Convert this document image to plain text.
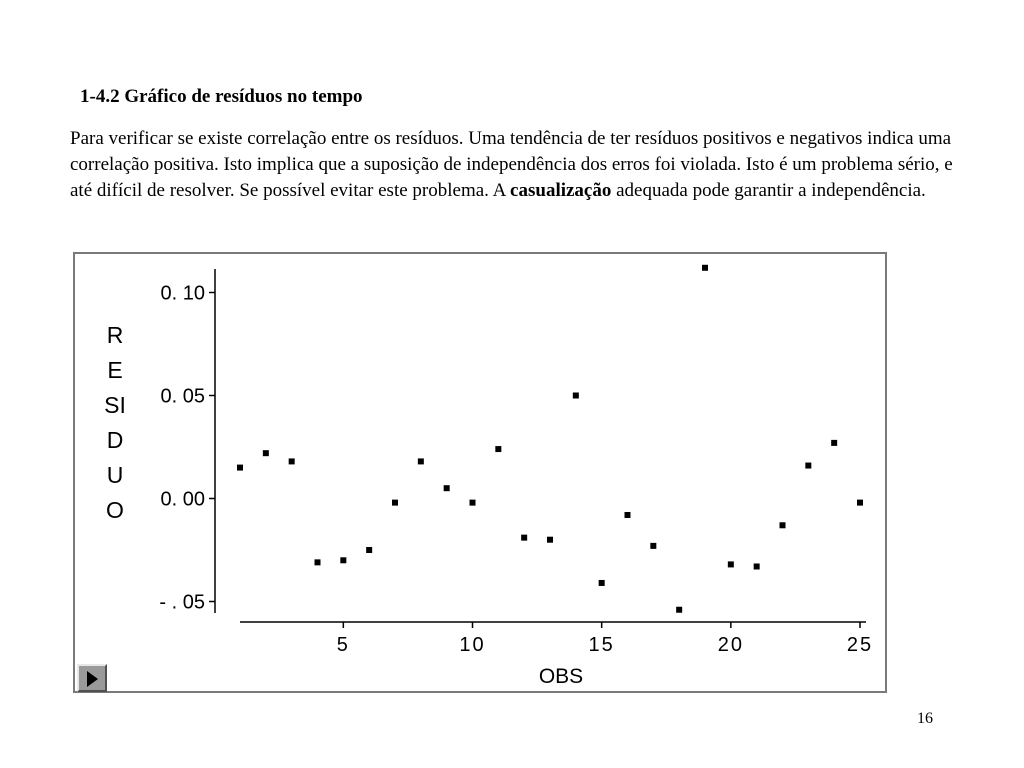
1-4.2 Gráfico de resíduos no tempo

Para verificar se existe correlação entre os resíduos. Uma tendência de ter resíduos positivos e negativos indica uma correlação positiva. Isto implica que a suposição de independência dos erros foi violada. Isto é um problema sério, e até difícil de resolver. Se possível evitar este problema. A casualização adequada pode garantir a independência.

0. 10
0. 05
0. 00
- . 05
5	10	15	20	25
OBS
RESIDUO
16
